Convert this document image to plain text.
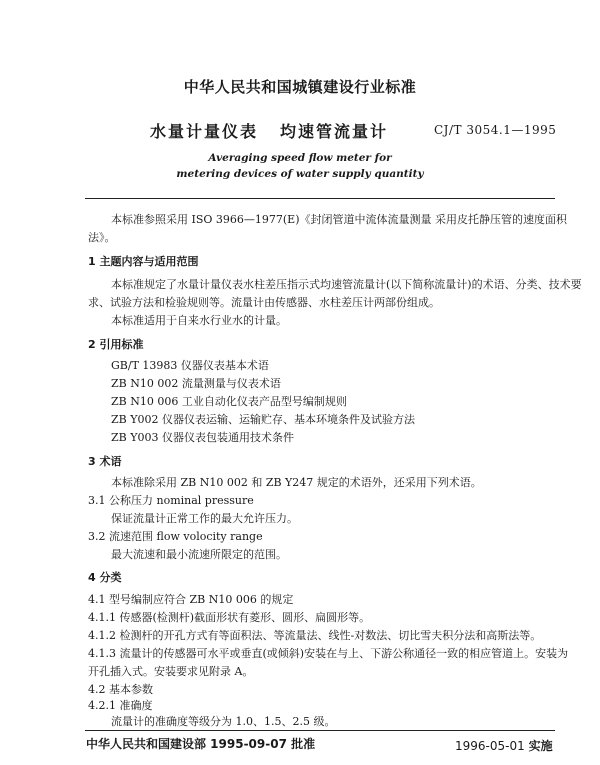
中华人民共和国城镇建设行业标准
水量计量仪表 均速管流量计	CJ/T 3054.1—1995
Averaging speed flow meter for
metering devices of water supply quantity
本标准参照采用 ISO 3966—1977(E)《封闭管道中流体流量测量 采用皮托静压管的速度面积
法》。
1 主题内容与适用范围
本标准规定了水量计量仪表水柱差压指示式均速管流量计(以下简称流量计)的术语、分类、技术要
求、试验方法和检验规则等。流量计由传感器、水柱差压计两部份组成。
本标准适用于自来水行业水的计量。
2 引用标准
GB/T 13983 仪器仪表基本术语
ZB N10 002 流量测量与仪表术语
ZB N10 006 工业自动化仪表产品型号编制规则
ZB Y002 仪器仪表运输、运输贮存、基本环境条件及试验方法
ZB Y003 仪器仪表包装通用技术条件
3 术语
本标准除采用 ZB N10 002 和 ZB Y247 规定的术语外，还采用下列术语。
3.1 公称压力 nominal pressure
保证流量计正常工作的最大允许压力。
3.2 流速范围 flow volocity range
最大流速和最小流速所限定的范围。
4 分类
4.1 型号编制应符合 ZB N10 006 的规定
4.1.1 传感器(检测杆)截面形状有菱形、圆形、扁圆形等。
4.1.2 检测杆的开孔方式有等面积法、等流量法、线性-对数法、切比雪夫积分法和高斯法等。
4.1.3 流量计的传感器可水平或垂直(或倾斜)安装在与上、下游公称通径一致的相应管道上。安装为
开孔插入式。安装要求见附录 A。
4.2 基本参数
4.2.1 准确度
流量计的准确度等级分为 1.0、1.5、2.5 级。
中华人民共和国建设部 1995-09-07 批准	1996-05-01 实施
